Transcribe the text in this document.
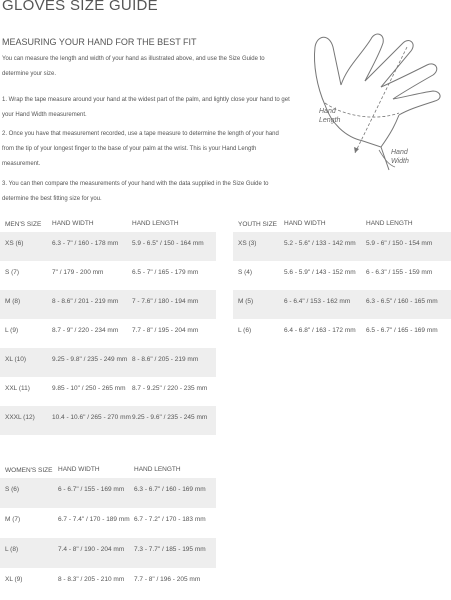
GLOVES SIZE GUIDE
MEASURING YOUR HAND FOR THE BEST FIT

You can measure the length and width of your hand as illustrated above, and use the Size Guide to determine your size.

1. Wrap the tape measure around your hand at the widest part of the palm, and lightly close your hand to get your Hand Width measurement.

2. Once you have that measurement recorded, use a tape measure to determine the length of your hand from the tip of your longest finger to the base of your palm at the wrist. This is your Hand Length measurement.

3. You can then compare the measurements of your hand with the data supplied in the Size Guide to determine the best fitting size for you.

Hand
Length
Hand
Width
MEN'S SIZE	HAND WIDTH	HAND LENGTH
XS (6)	6.3 - 7" / 160 - 178 mm	5.9 - 6.5" / 150 - 164 mm
S (7)	7" / 179 - 200 mm	6.5 - 7" / 165 - 179 mm
M (8)	8 - 8.6" / 201 - 219 mm	7 - 7.6" / 180 - 194 mm
L (9)	8.7 - 9" / 220 - 234 mm	7.7 - 8" / 195 - 204 mm
XL (10)	9.25 - 9.8" / 235 - 249 mm	8 - 8.6" / 205 - 219 mm
XXL (11)	9.85 - 10" / 250 - 265 mm	8.7 - 9.25" / 220 - 235 mm
XXXL (12)	10.4 - 10.6" / 265 - 270 mm	9.25 - 9.6" / 235 - 245 mm
YOUTH SIZE	HAND WIDTH	HAND LENGTH
XS (3)	5.2 - 5.6" / 133 - 142 mm	5.9 - 6" / 150 - 154 mm
S (4)	5.6 - 5.9" / 143 - 152 mm	6 - 6.3" / 155 - 159 mm
M (5)	6 - 6.4" / 153 - 162 mm	6.3 - 6.5" / 160 - 165 mm
L (6)	6.4 - 6.8" / 163 - 172 mm	6.5 - 6.7" / 165 - 169 mm
WOMEN'S SIZE	HAND WIDTH	HAND LENGTH
S (6)	6 - 6.7" / 155 - 169 mm	6.3 - 6.7" / 160 - 169 mm
M (7)	6.7 - 7.4" / 170 - 189 mm	6.7 - 7.2" / 170 - 183 mm
L (8)	7.4 - 8" / 190 - 204 mm	7.3 - 7.7" / 185 - 195 mm
XL (9)	8 - 8.3" / 205 - 210 mm	7.7 - 8" / 196 - 205 mm
